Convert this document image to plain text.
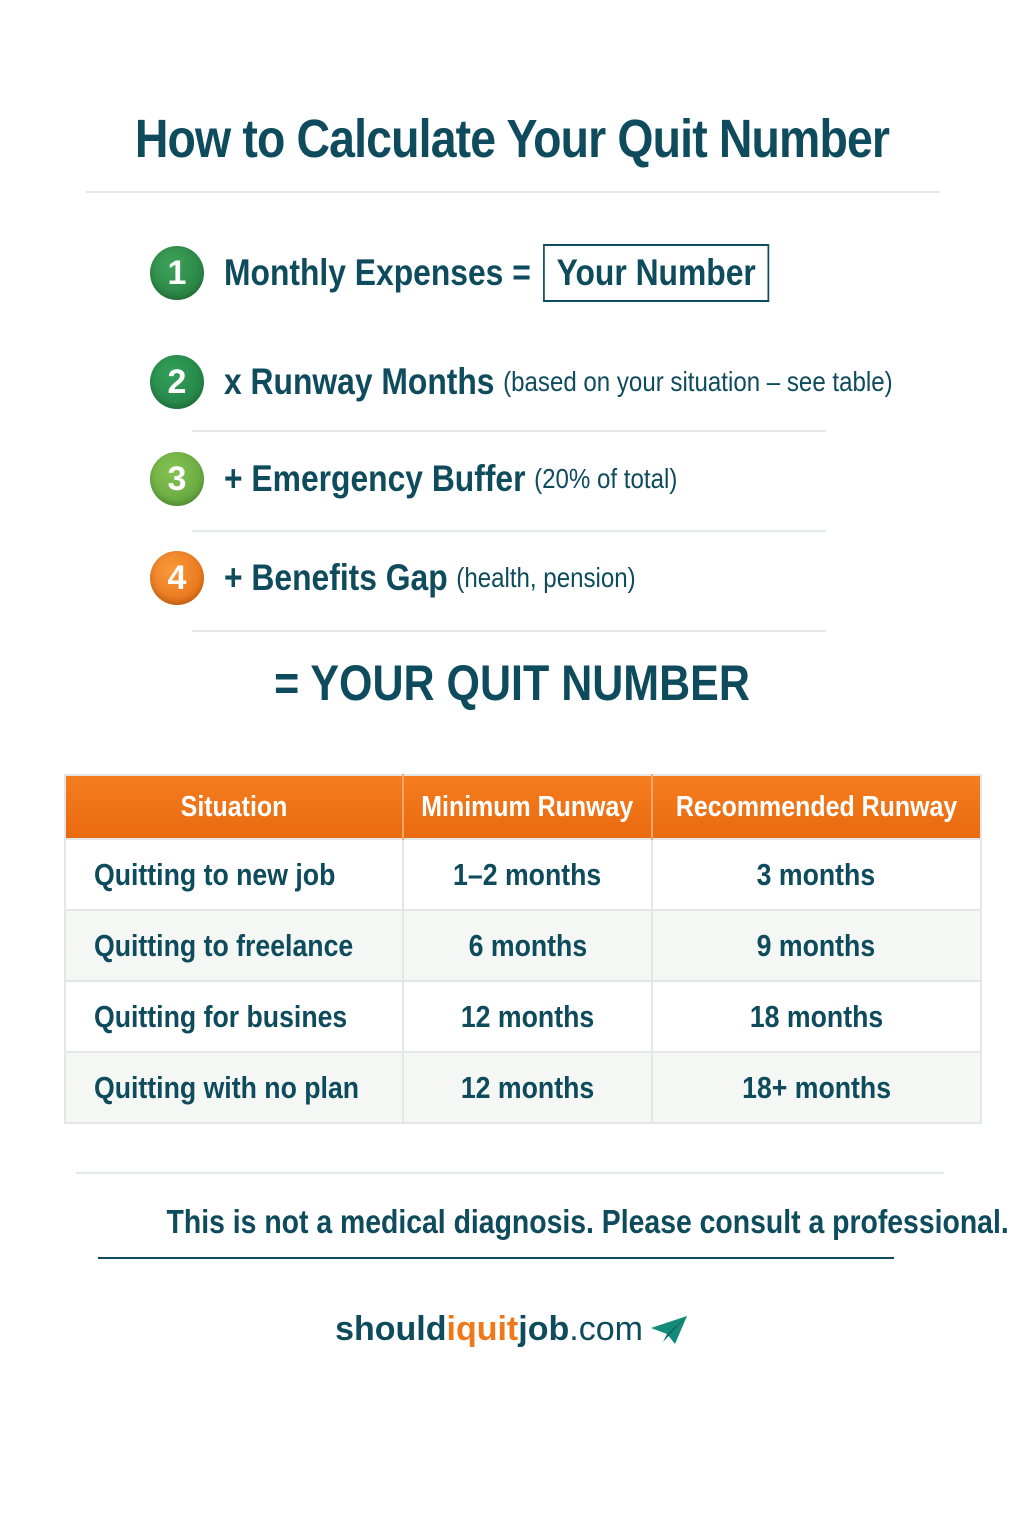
How to Calculate Your Quit Number
1	Monthly Expenses = Your Number
2	x Runway Months (based on your situation – see table)
3	+ Emergency Buffer (20% of total)
4	+ Benefits Gap (health, pension)
= YOUR QUIT NUMBER
Situation	Minimum Runway	Recommended Runway
Quitting to new job	1–2 months	3 months
Quitting to freelance	6 months	9 months
Quitting for busines	12 months	18 months
Quitting with no plan	12 months	18+ months
This is not a medical diagnosis. Please consult a professional.
should iquit job .com
